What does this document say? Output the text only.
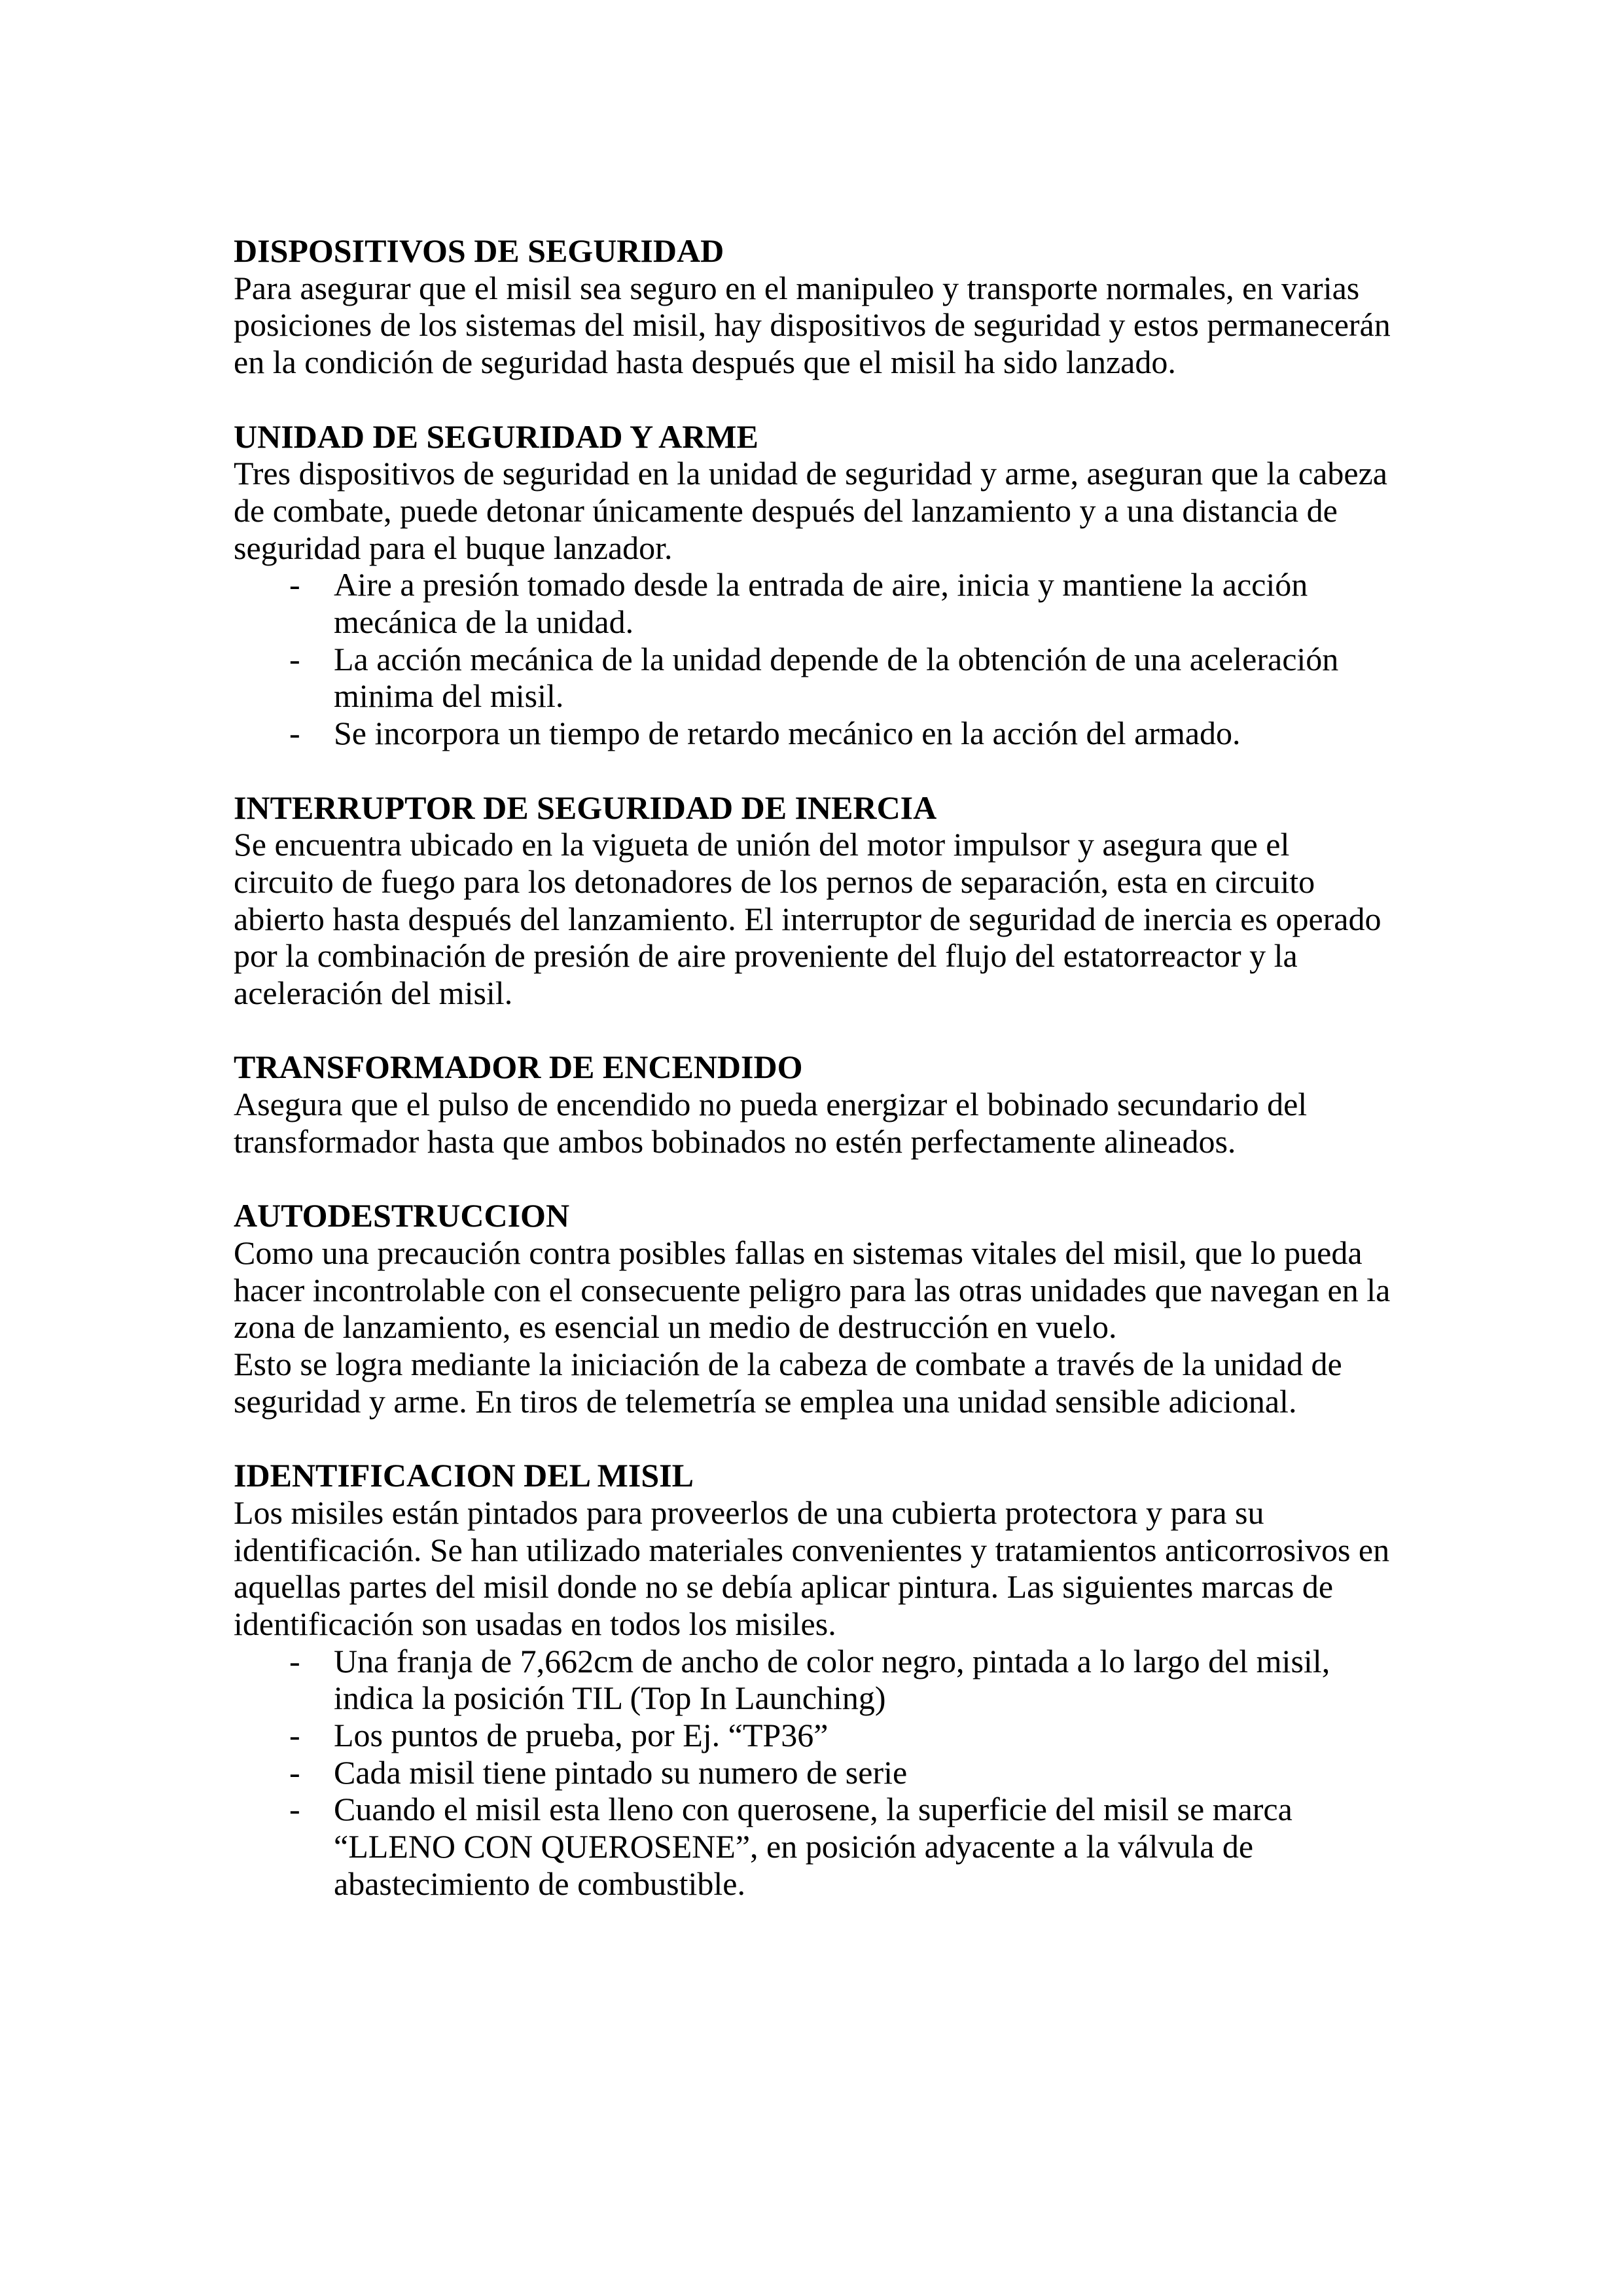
DISPOSITIVOS DE SEGURIDAD
Para asegurar que el misil sea seguro en el manipuleo y transporte normales, en varias
posiciones de los sistemas del misil, hay dispositivos de seguridad y estos permanecerán
en la condición de seguridad hasta después que el misil ha sido lanzado.
UNIDAD DE SEGURIDAD Y ARME
Tres dispositivos de seguridad en la unidad de seguridad y arme, aseguran que la cabeza
de combate, puede detonar únicamente después del lanzamiento y a una distancia de
seguridad para el buque lanzador.
- Aire a presión tomado desde la entrada de aire, inicia y mantiene la acción
mecánica de la unidad.
- La acción mecánica de la unidad depende de la obtención de una aceleración
minima del misil.
- Se incorpora un tiempo de retardo mecánico en la acción del armado.
INTERRUPTOR DE SEGURIDAD DE INERCIA
Se encuentra ubicado en la vigueta de unión del motor impulsor y asegura que el
circuito de fuego para los detonadores de los pernos de separación, esta en circuito
abierto hasta después del lanzamiento. El interruptor de seguridad de inercia es operado
por la combinación de presión de aire proveniente del flujo del estatorreactor y la
aceleración del misil.
TRANSFORMADOR DE ENCENDIDO
Asegura que el pulso de encendido no pueda energizar el bobinado secundario del
transformador hasta que ambos bobinados no estén perfectamente alineados.
AUTODESTRUCCION
Como una precaución contra posibles fallas en sistemas vitales del misil, que lo pueda
hacer incontrolable con el consecuente peligro para las otras unidades que navegan en la
zona de lanzamiento, es esencial un medio de destrucción en vuelo.
Esto se logra mediante la iniciación de la cabeza de combate a través de la unidad de
seguridad y arme. En tiros de telemetría se emplea una unidad sensible adicional.
IDENTIFICACION DEL MISIL
Los misiles están pintados para proveerlos de una cubierta protectora y para su
identificación. Se han utilizado materiales convenientes y tratamientos anticorrosivos en
aquellas partes del misil donde no se debía aplicar pintura. Las siguientes marcas de
identificación son usadas en todos los misiles.
- Una franja de 7,662cm de ancho de color negro, pintada a lo largo del misil,
indica la posición TIL (Top In Launching)
- Los puntos de prueba, por Ej. “TP36”
- Cada misil tiene pintado su numero de serie
- Cuando el misil esta lleno con querosene, la superficie del misil se marca
“LLENO CON QUEROSENE”, en posición adyacente a la válvula de
abastecimiento de combustible.
